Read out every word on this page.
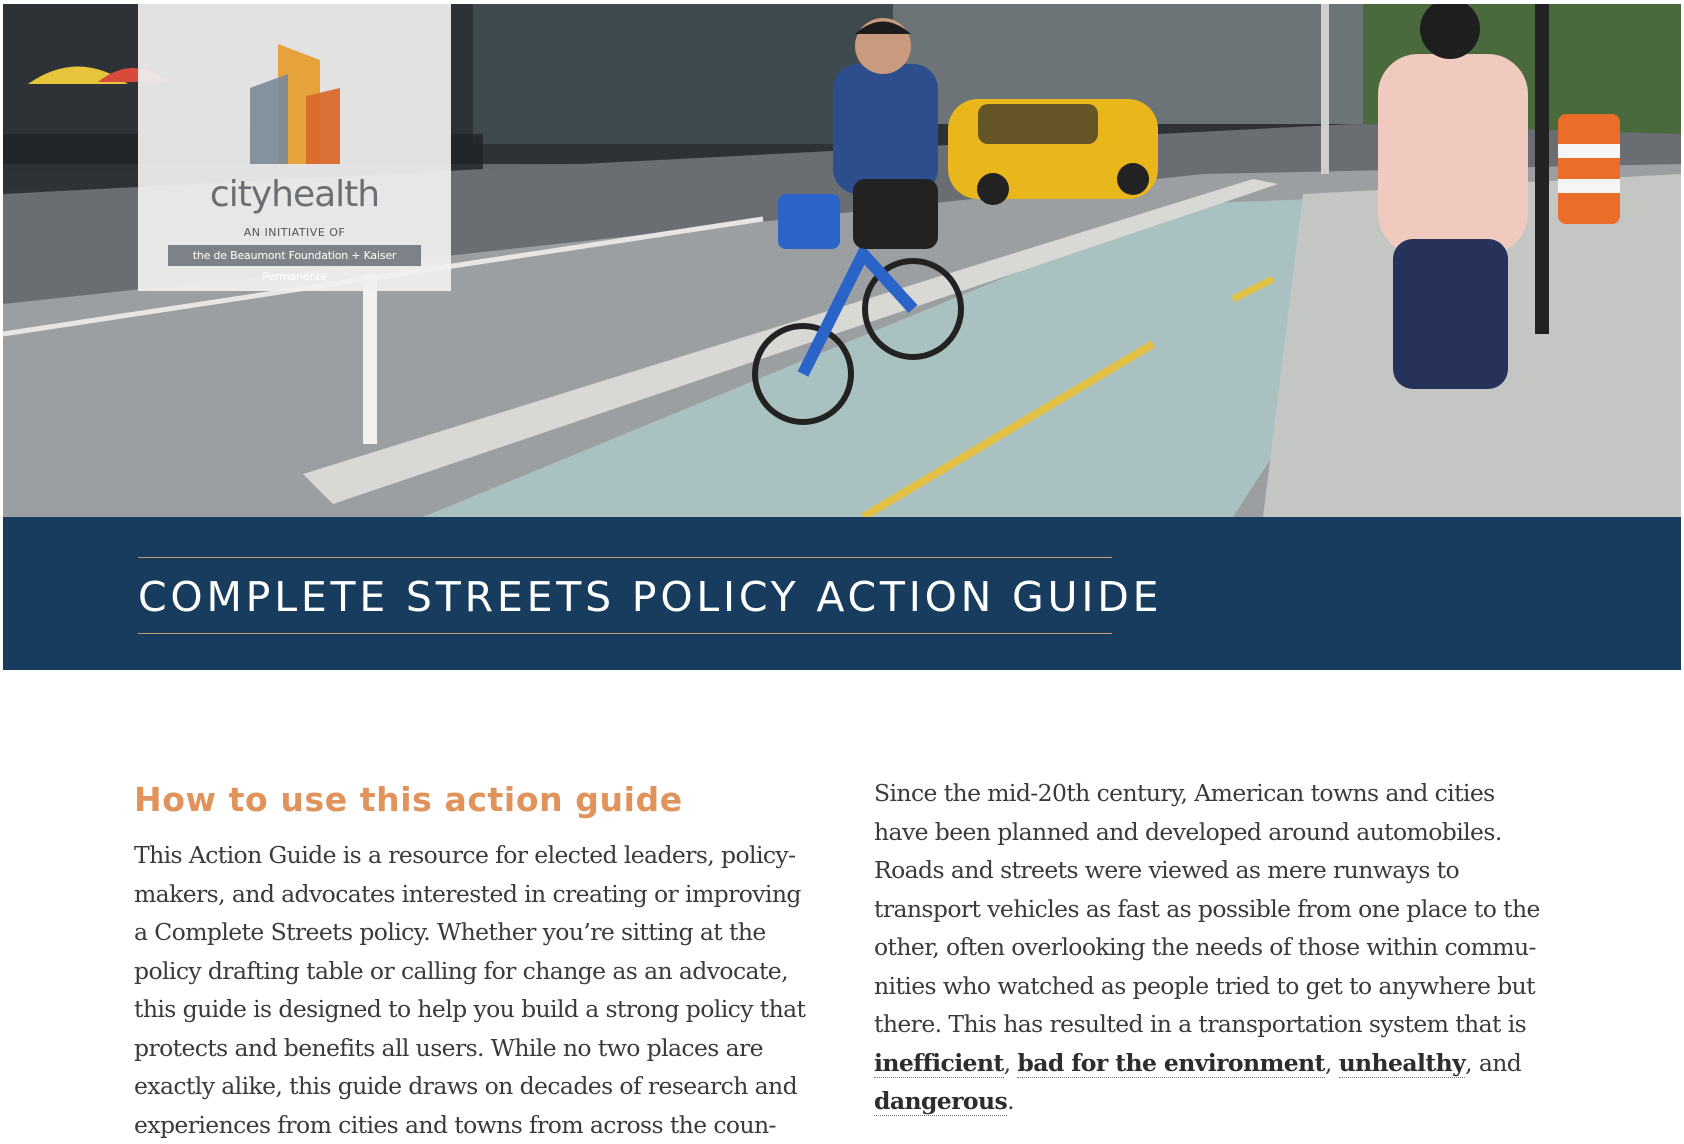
cityhealth
AN INITIATIVE OF
the de Beaumont Foundation + Kaiser Permanente
COMPLETE STREETS POLICY ACTION GUIDE
How to use this action guide

This Action Guide is a resource for elected leaders, policy-
makers, and advocates interested in creating or improving
a Complete Streets policy. Whether you’re sitting at the
policy drafting table or calling for change as an advocate,
this guide is designed to help you build a strong policy that
protects and benefits all users. While no two places are
exactly alike, this guide draws on decades of research and
experiences from cities and towns from across the coun-

Since the mid-20th century, American towns and cities
have been planned and developed around automobiles.
Roads and streets were viewed as mere runways to
transport vehicles as fast as possible from one place to the
other, often overlooking the needs of those within commu-
nities who watched as people tried to get to anywhere but
there. This has resulted in a transportation system that is
inefficient, bad for the environment, unhealthy, and
dangerous.
